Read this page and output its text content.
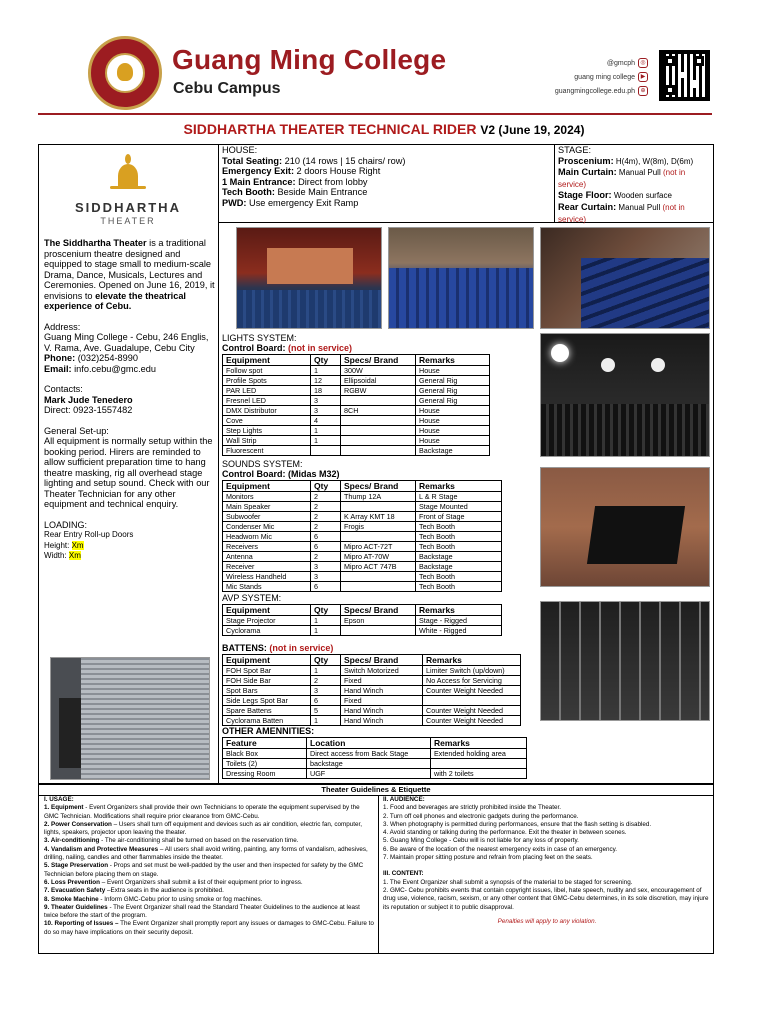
Guang Ming College
Cebu Campus
@gmcph ◎
guang ming college ▶
guangmingcollege.edu.ph ⊕
SIDDHARTHA THEATER TECHNICAL RIDER V2 (June 19, 2024)
SIDDHARTHA
THEATER
The Siddhartha Theater is a traditional proscenium theatre designed and equipped to stage small to medium-scale Drama, Dance, Musicals, Lectures and Ceremonies. Opened on June 16, 2019, it envisions to elevate the theatrical experience of Cebu.
Address:
Guang Ming College - Cebu, 246 Englis, V. Rama, Ave. Guadalupe, Cebu City
Phone: (032)254-8990
Email: info.cebu@gmc.edu
Contacts:
Mark Jude Tenedero
Direct: 0923-1557482
General Set-up:
All equipment is normally setup within the booking period. Hirers are reminded to allow sufficient preparation time to hang theatre masking, rig all overhead stage lighting and setup sound. Check with our Theater Technician for any other equipment and technical enquiry.
LOADING:
Rear Entry Roll-up Doors
Height: Xm
Width: Xm
HOUSE:
Total Seating: 210 (14 rows | 15 chairs/ row)
Emergency Exit: 2 doors House Right
1 Main Entrance: Direct from lobby
Tech Booth: Beside Main Entrance
PWD: Use emergency Exit Ramp
STAGE:
Proscenium: H(4m), W(8m), D(6m)
Main Curtain: Manual Pull (not in service)
Stage Floor: Wooden surface
Rear Curtain: Manual Pull (not in service)
LIGHTS SYSTEM:
Control Board: (not in service)
Equipment	Qty	Specs/ Brand	Remarks
Follow spot	1	300W	House
Profile Spots	12	Ellipsoidal	General Rig
PAR LED	18	RGBW	General Rig
Fresnel LED	3		General Rig
DMX Distributor	3	8CH	House
Cove	4		House
Step Lights	1		House
Wall Strip	1		House
Fluorescent			Backstage
SOUNDS SYSTEM:
Control Board: (Midas M32)
Equipment	Qty	Specs/ Brand	Remarks
Monitors	2	Thump 12A	L & R Stage
Main Speaker	2		Stage Mounted
Subwoofer	2	K Array KMT 18	Front of Stage
Condenser Mic	2	Frogis	Tech Booth
Headworn Mic	6		Tech Booth
Receivers	6	Mipro ACT-72T	Tech Booth
Antenna	2	Mipro AT-70W	Backstage
Receiver	3	Mipro ACT 747B	Backstage
Wireless Handheld	3		Tech Booth
Mic Stands	6		Tech Booth
AVP SYSTEM:
Equipment	Qty	Specs/ Brand	Remarks
Stage Projector	1	Epson	Stage - Rigged
Cyclorama	1		White - Rigged
BATTENS: (not in service)
Equipment	Qty	Specs/ Brand	Remarks
FOH Spot Bar	1	Switch Motorized	Limiter Switch (up/down)
FOH Side Bar	2	Fixed	No Access for Servicing
Spot Bars	3	Hand Winch	Counter Weight Needed
Side Legs Spot Bar	6	Fixed	
Spare Battens	5	Hand Winch	Counter Weight Needed
Cyclorama Batten	1	Hand Winch	Counter Weight Needed
OTHER AMENNITIES:
Feature	Location	Remarks
Black Box	Direct access from Back Stage	Extended holding area
Toilets (2)	backstage	
Dressing Room	UGF	with 2 toilets
Theater Guidelines & Etiquette
I. USAGE:
1. Equipment - Event Organizers shall provide their own Technicians to operate the equipment supervised by the GMC Technician. Modifications shall require prior clearance from GMC-Cebu.
2. Power Conservation – Users shall turn off equipment and devices such as air condition, electric fan, computer, lights, speakers, projector upon leaving the theater.
3. Air-conditioning - The air-conditioning shall be turned on based on the reservation time.
4. Vandalism and Protective Measures – All users shall avoid writing, painting, any forms of vandalism, adhesives, drilling, nailing, candles and other flammables inside the theater.
5. Stage Preservation - Props and set must be well-padded by the user and then inspected for safety by the GMC Technician before placing them on stage.
6. Loss Prevention – Event Organizers shall submit a list of their equipment prior to ingress.
7. Evacuation Safety –Extra seats in the audience is prohibited.
8. Smoke Machine - Inform GMC-Cebu prior to using smoke or fog machines.
9. Theater Guidelines - The Event Organizer shall read the Standard Theater Guidelines to the audience at least twice before the start of the program.
10. Reporting of Issues – The Event Organizer shall promptly report any issues or damages to GMC-Cebu. Failure to do so may have implications on their security deposit.
II. AUDIENCE:
1. Food and beverages are strictly prohibited inside the Theater.
2. Turn off cell phones and electronic gadgets during the performance.
3. When photography is permitted during performances, ensure that the flash setting is disabled.
4. Avoid standing or talking during the performance. Exit the theater in between scenes.
5. Guang Ming College - Cebu will is not liable for any loss of property.
6. Be aware of the location of the nearest emergency exits in case of an emergency.
7. Maintain proper sitting posture and refrain from placing feet on the seats.
III. CONTENT:
1. The Event Organizer shall submit a synopsis of the material to be staged for screening.
2. GMC- Cebu prohibits events that contain copyright issues, libel, hate speech, nudity and sex, encouragement of drug use, violence, racism, sexism, or any other content that GMC-Cebu determines, in its sole discretion, may injure its reputation or subject it to public disapproval.
Penalties will apply to any violation.
